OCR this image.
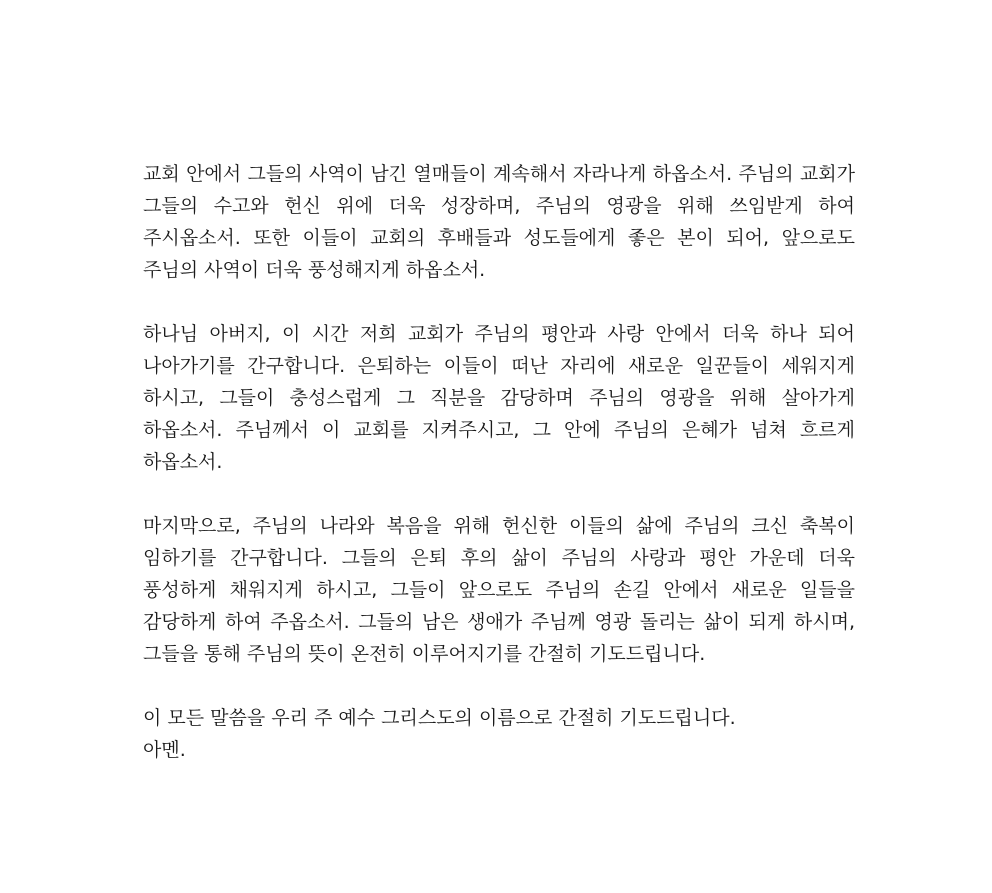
교회 안에서 그들의 사역이 남긴 열매들이 계속해서 자라나게 하옵소서. 주님의 교회가 그들의 수고와 헌신 위에 더욱 성장하며, 주님의 영광을 위해 쓰임받게 하여 주시옵소서. 또한 이들이 교회의 후배들과 성도들에게 좋은 본이 되어, 앞으로도 주님의 사역이 더욱 풍성해지게 하옵소서.

하나님 아버지, 이 시간 저희 교회가 주님의 평안과 사랑 안에서 더욱 하나 되어 나아가기를 간구합니다. 은퇴하는 이들이 떠난 자리에 새로운 일꾼들이 세워지게 하시고, 그들이 충성스럽게 그 직분을 감당하며 주님의 영광을 위해 살아가게 하옵소서. 주님께서 이 교회를 지켜주시고, 그 안에 주님의 은혜가 넘쳐 흐르게 하옵소서.

마지막으로, 주님의 나라와 복음을 위해 헌신한 이들의 삶에 주님의 크신 축복이 임하기를 간구합니다. 그들의 은퇴 후의 삶이 주님의 사랑과 평안 가운데 더욱 풍성하게 채워지게 하시고, 그들이 앞으로도 주님의 손길 안에서 새로운 일들을 감당하게 하여 주옵소서. 그들의 남은 생애가 주님께 영광 돌리는 삶이 되게 하시며, 그들을 통해 주님의 뜻이 온전히 이루어지기를 간절히 기도드립니다.

이 모든 말씀을 우리 주 예수 그리스도의 이름으로 간절히 기도드립니다.
아멘.
